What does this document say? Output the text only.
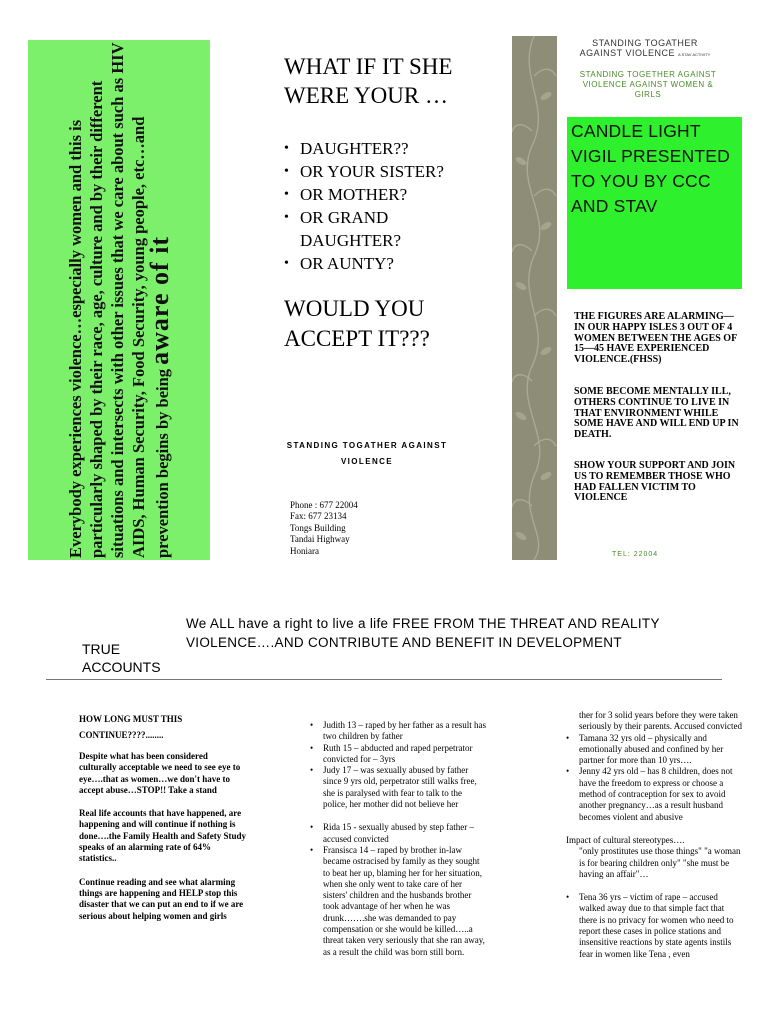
Everybody experiences violence…especially women and this is particularly shaped by their race, age, culture and by their different situations and intersects with other issues that we care about such as HIV AIDS, Human Security, Food Security, young people, etc…and prevention begins by being aware of it
WHAT IF IT SHE WERE YOUR …
• DAUGHTER??
• OR YOUR SISTER?
• OR MOTHER?
• OR GRAND DAUGHTER?
• OR AUNTY?
WOULD YOU ACCEPT IT???
STANDING TOGATHER AGAINST VIOLENCE
Phone : 677 22004
Fax: 677 23134
Tongs Building
Tandai Highway
Honiara
STANDING TOGATHER AGAINST VIOLENCE A STAV ACTIVITY
STANDING TOGETHER AGAINST VIOLENCE AGAINST WOMEN & GIRLS
CANDLE LIGHT VIGIL PRESENTED TO YOU BY CCC AND STAV
THE FIGURES ARE ALARMING—IN OUR HAPPY ISLES 3 OUT OF 4 WOMEN BETWEEN THE AGES OF 15—45 HAVE EXPERIENCED VIOLENCE.(FHSS)
SOME BECOME MENTALLY ILL, OTHERS CONTINUE TO LIVE IN THAT ENVIRONMENT WHILE SOME HAVE AND WILL END UP IN DEATH.
SHOW YOUR SUPPORT AND JOIN US TO REMEMBER THOSE WHO HAD FALLEN VICTIM TO VIOLENCE
TEL: 22004
We ALL have a right to live a life FREE FROM THE THREAT AND REALITY VIOLENCE….AND CONTRIBUTE AND BENEFIT IN DEVELOPMENT
TRUE ACCOUNTS

HOW LONG MUST THIS CONTINUE????........

Despite what has been considered culturally acceptable we need to see eye to eye….that as women…we don't have to accept abuse…STOP!! Take a stand

Real life accounts that have happened, are happening and will continue if nothing is done….the Family Health and Safety Study speaks of an alarming rate of 64% statistics..

Continue reading and see what alarming things are happening and HELP stop this disaster that we can put an end to if we are serious about helping women and girls

• Judith 13 – raped by her father as a result has two children by father
• Ruth 15 – abducted and raped perpetrator convicted for – 3yrs
• Judy 17 – was sexually abused by father since 9 yrs old, perpetrator still walks free, she is paralysed with fear to talk to the police, her mother did not believe her
• Rida 15 - sexually abused by step father – accused convicted
• Fransisca 14 – raped by brother in-law became ostracised by family as they sought to beat her up, blaming her for her situation, when she only went to take care of her sisters' children and the husbands brother took advantage of her when he was drunk…….she was demanded to pay compensation or she would be killed…..a threat taken very seriously that she ran away, as a result the child was born still born.

ther for 3 solid years before they were taken seriously by their parents. Accused convicted

• Tamana 32 yrs old – physically and emotionally abused and confined by her partner for more than 10 yrs….
• Jenny 42 yrs old – has 8 children, does not have the freedom to express or choose a method of contraception for sex to avoid another pregnancy…as a result husband becomes violent and abusive
Impact of cultural stereotypes….

"only prostitutes use those things" "a woman is for bearing children only" "she must be having an affair"…

• Tena 36 yrs – victim of rape – accused walked away due to that simple fact that there is no privacy for women who need to report these cases in police stations and insensitive reactions by state agents instils fear in women like Tena , even
